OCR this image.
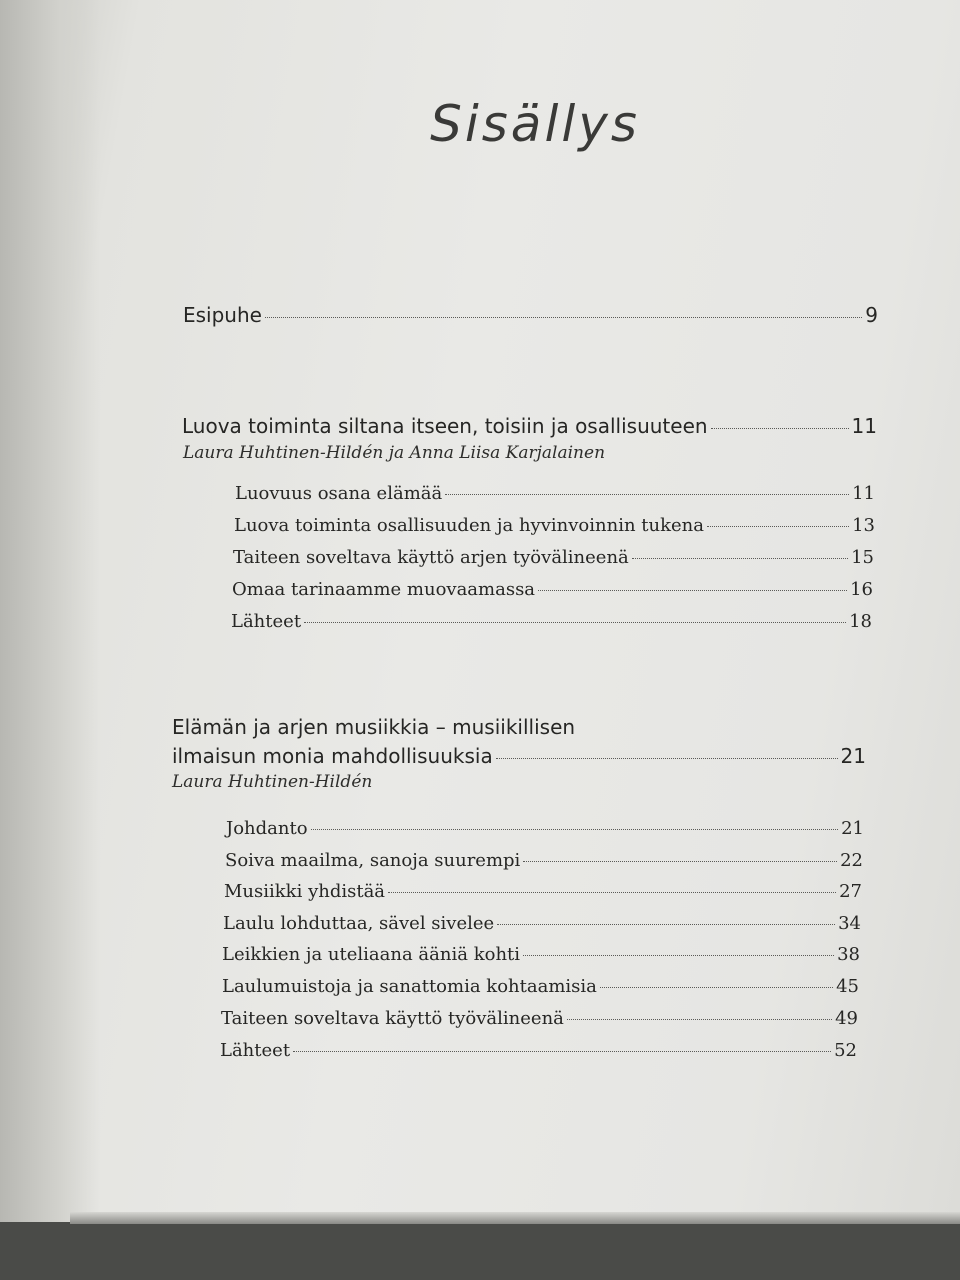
Sisällys
Esipuhe	9
Luova toiminta siltana itseen, toisiin ja osallisuuteen	11
Laura Huhtinen-Hildén ja Anna Liisa Karjalainen
Luovuus osana elämää	11
Luova toiminta osallisuuden ja hyvinvoinnin tukena	13
Taiteen soveltava käyttö arjen työvälineenä	15
Omaa tarinaamme muovaamassa	16
Lähteet	18
Elämän ja arjen musiikkia – musiikillisen
ilmaisun monia mahdollisuuksia	21
Laura Huhtinen-Hildén
Johdanto	21
Soiva maailma, sanoja suurempi	22
Musiikki yhdistää	27
Laulu lohduttaa, sävel sivelee	34
Leikkien ja uteliaana ääniä kohti	38
Laulumuistoja ja sanattomia kohtaamisia	45
Taiteen soveltava käyttö työvälineenä	49
Lähteet	52
